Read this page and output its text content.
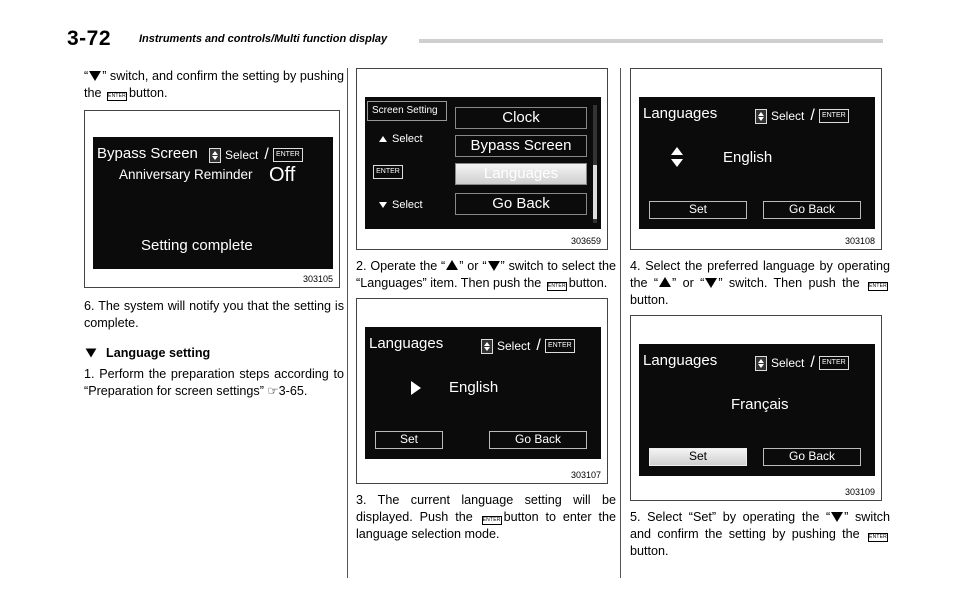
3-72	Instruments and controls/Multi function display

“ ” switch, and confirm the setting by pushing the ENTER button.

Bypass Screen Select /	ENTER
Anniversary Reminder Off
Setting complete
303105

6. The system will notify you that the setting is complete.

Language setting

1. Perform the preparation steps according to “Preparation for screen settings” ☞3-65.

Screen Setting
Select
ENTER
Select
Clock
Bypass Screen
Languages
Go Back
303659

2. Operate the “ ” or “ ” switch to select the “Languages” item. Then push the ENTER button.

Languages	Select /	ENTER
English
Set	Go Back
303107

3. The current language setting will be displayed. Push the ENTER button to enter the language selection mode.

Languages	Select /	ENTER
English
Set	Go Back
303108

4. Select the preferred language by operating the “ ” or “ ” switch. Then push the ENTERbutton.

Languages	Select /	ENTER
Français
Set	Go Back
303109

5. Select “Set” by operating the “ ” switch and confirm the setting by pushing the ENTERbutton.
